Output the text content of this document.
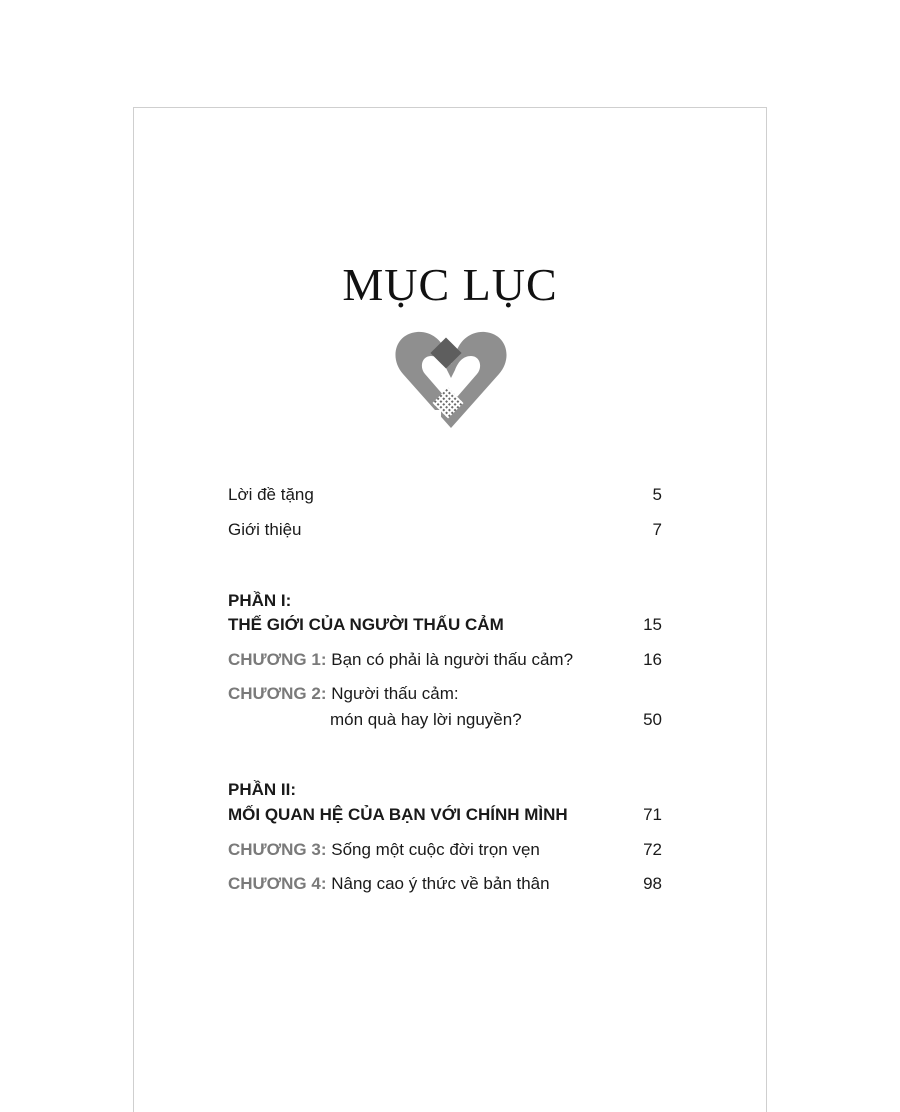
MỤC LỤC
Lời đề tặng	5
Giới thiệu	7
PHẦN I:
THẾ GIỚI CỦA NGƯỜI THẤU CẢM	15
CHƯƠNG 1: Bạn có phải là người thấu cảm?	16
CHƯƠNG 2: Người thấu cảm:
món quà hay lời nguyền?	50
PHẦN II:
MỐI QUAN HỆ CỦA BẠN VỚI CHÍNH MÌNH	71
CHƯƠNG 3: Sống một cuộc đời trọn vẹn	72
CHƯƠNG 4: Nâng cao ý thức về bản thân	98
